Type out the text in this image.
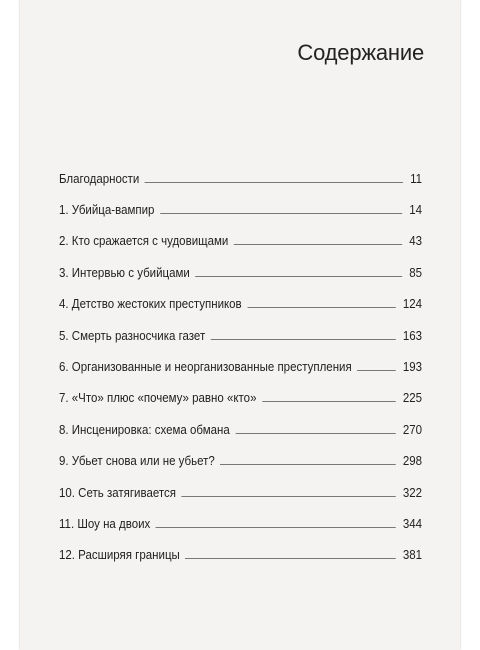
Содержание
Благодарности	11
1. Убийца-вампир	14
2. Кто сражается с чудовищами	43
3. Интервью с убийцами	85
4. Детство жестоких преступников	124
5. Смерть разносчика газет	163
6. Организованные и неорганизованные преступления	193
7. «Что» плюс «почему» равно «кто»	225
8. Инсценировка: схема обмана	270
9. Убьет снова или не убьет?	298
10. Сеть затягивается	322
11. Шоу на двоих	344
12. Расширяя границы	381
